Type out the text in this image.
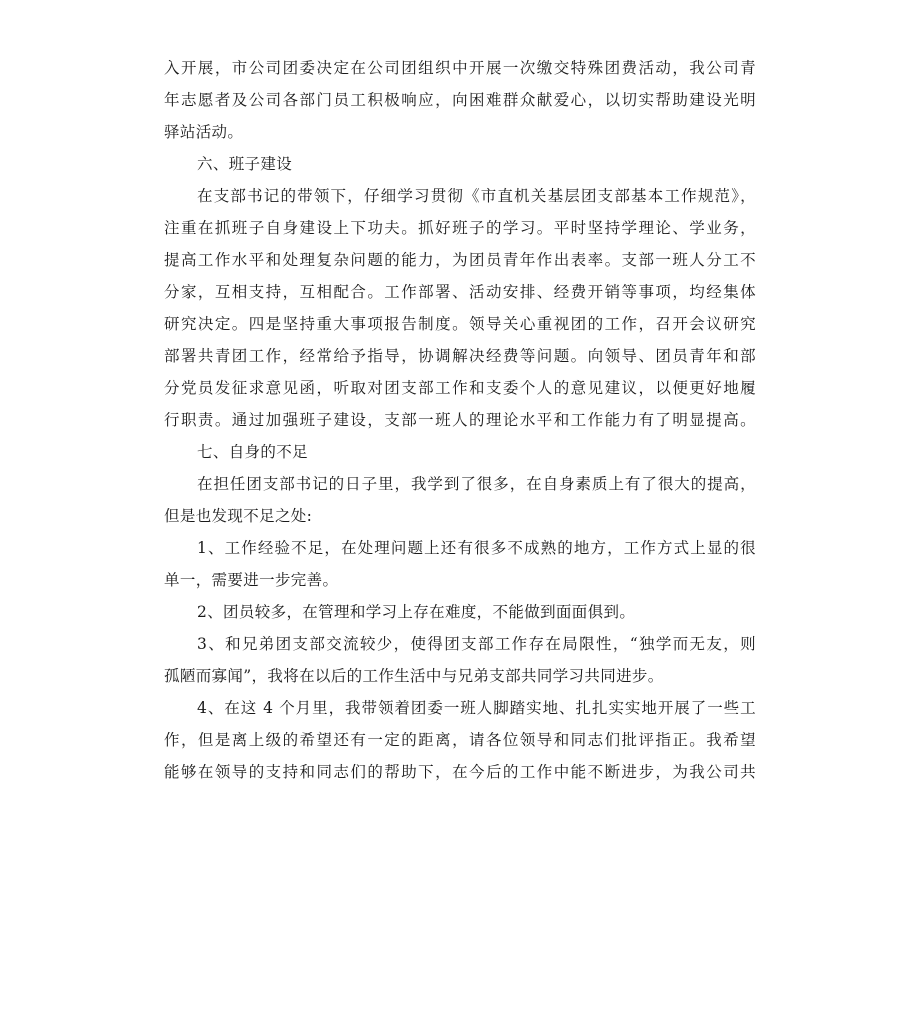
入开展，市公司团委决定在公司团组织中开展一次缴交特殊团费活动，我公司青
年志愿者及公司各部门员工积极响应，向困难群众献爱心，以切实帮助建设光明
驿站活动。
六、班子建设
在支部书记的带领下，仔细学习贯彻《市直机关基层团支部基本工作规范》，
注重在抓班子自身建设上下功夫。抓好班子的学习。平时坚持学理论、学业务，
提高工作水平和处理复杂问题的能力，为团员青年作出表率。支部一班人分工不
分家，互相支持，互相配合。工作部署、活动安排、经费开销等事项，均经集体
研究决定。四是坚持重大事项报告制度。领导关心重视团的工作，召开会议研究
部署共青团工作，经常给予指导，协调解决经费等问题。向领导、团员青年和部
分党员发征求意见函，听取对团支部工作和支委个人的意见建议，以便更好地履
行职责。通过加强班子建设，支部一班人的理论水平和工作能力有了明显提高。
七、自身的不足
在担任团支部书记的日子里，我学到了很多，在自身素质上有了很大的提高，
但是也发现不足之处:
1、工作经验不足，在处理问题上还有很多不成熟的地方，工作方式上显的很
单一，需要进一步完善。
2、团员较多，在管理和学习上存在难度，不能做到面面俱到。
3、和兄弟团支部交流较少，使得团支部工作存在局限性，“独学而无友，则
孤陋而寡闻”，我将在以后的工作生活中与兄弟支部共同学习共同进步。
4、在这 4 个月里，我带领着团委一班人脚踏实地、扎扎实实地开展了一些工
作，但是离上级的希望还有一定的距离，请各位领导和同志们批评指正。我希望
能够在领导的支持和同志们的帮助下，在今后的工作中能不断进步，为我公司共
